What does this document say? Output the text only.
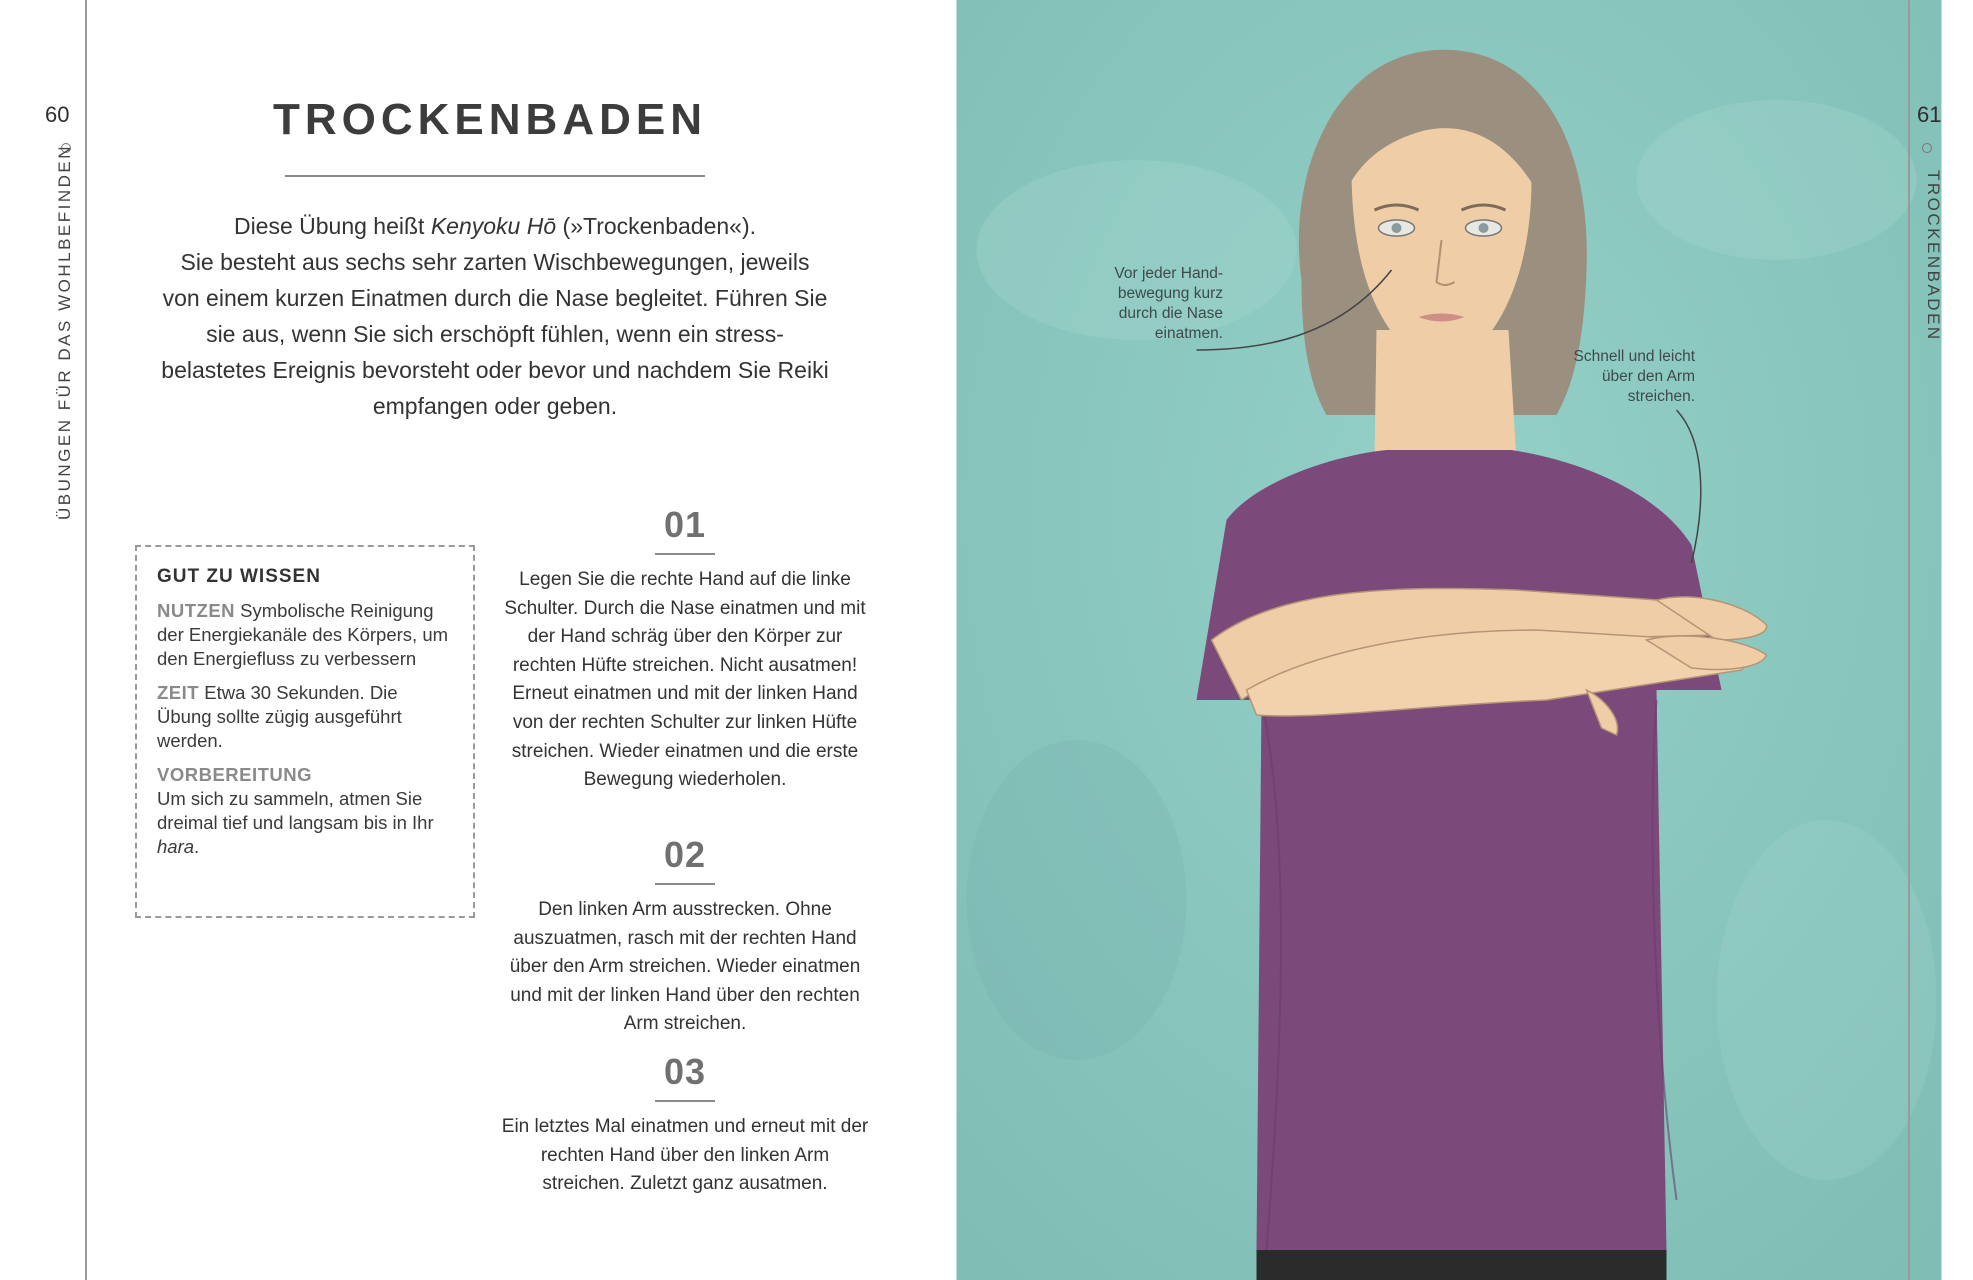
60
ÜBUNGEN FÜR DAS WOHLBEFINDEN
TROCKENBADEN
Diese Übung heißt Kenyoku Hō (»Trockenbaden«).
Sie besteht aus sechs sehr zarten Wischbewegungen, jeweils von einem kurzen Einatmen durch die Nase begleitet. Führen Sie sie aus, wenn Sie sich erschöpft fühlen, wenn ein stressbelastetes Ereignis bevorsteht oder bevor und nachdem Sie Reiki empfangen oder geben.
GUT ZU WISSEN

NUTZEN Symbolische Reinigung der Energiekanäle des Körpers, um den Energiefluss zu verbessern

ZEIT Etwa 30 Sekunden. Die Übung sollte zügig ausgeführt werden.

VORBEREITUNG
Um sich zu sammeln, atmen Sie dreimal tief und langsam bis in Ihr hara.

01
Legen Sie die rechte Hand auf die linke Schulter. Durch die Nase einatmen und mit der Hand schräg über den Körper zur rechten Hüfte streichen. Nicht ausatmen! Erneut einatmen und mit der linken Hand von der rechten Schulter zur linken Hüfte streichen. Wieder einatmen und die erste Bewegung wiederholen.
02
Den linken Arm ausstrecken. Ohne auszuatmen, rasch mit der rechten Hand über den Arm streichen. Wieder einatmen und mit der linken Hand über den rechten Arm streichen.
03
Ein letztes Mal einatmen und erneut mit der rechten Hand über den linken Arm streichen. Zuletzt ganz ausatmen.
Vor jeder Handbewegung kurz durch die Nase einatmen.
Schnell und leicht über den Arm streichen.
61
TROCKENBADEN
